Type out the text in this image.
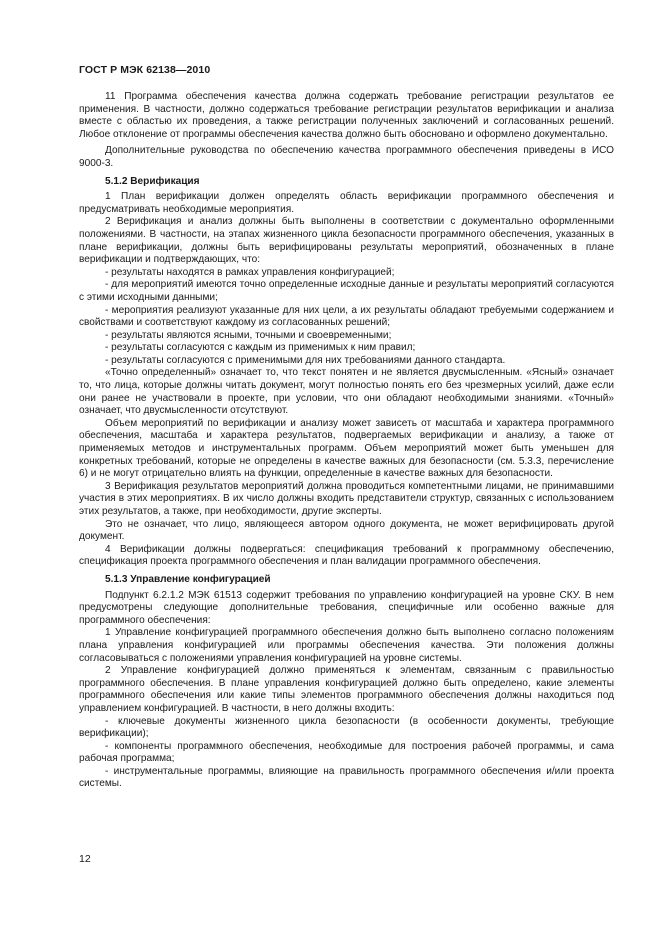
ГОСТ Р МЭК 62138—2010

11 Программа обеспечения качества должна содержать требование регистрации результатов ее применения. В частности, должно содержаться требование регистрации результатов верификации и анализа вместе с областью их проведения, а также регистрации полученных заключений и согласованных решений. Любое отклонение от программы обеспечения качества должно быть обосновано и оформлено документально.

Дополнительные руководства по обеспечению качества программного обеспечения приведены в ИСО 9000-3.

5.1.2 Верификация

1 План верификации должен определять область верификации программного обеспечения и предусматривать необходимые мероприятия.

2 Верификация и анализ должны быть выполнены в соответствии с документально оформленными положениями. В частности, на этапах жизненного цикла безопасности программного обеспечения, указанных в плане верификации, должны быть верифицированы результаты мероприятий, обозначенных в плане верификации и подтверждающих, что:

- результаты находятся в рамках управления конфигурацией;

- для мероприятий имеются точно определенные исходные данные и результаты мероприятий согласуются с этими исходными данными;

- мероприятия реализуют указанные для них цели, а их результаты обладают требуемыми содержанием и свойствами и соответствуют каждому из согласованных решений;

- результаты являются ясными, точными и своевременными;

- результаты согласуются с каждым из применимых к ним правил;

- результаты согласуются с применимыми для них требованиями данного стандарта.

«Точно определенный» означает то, что текст понятен и не является двусмысленным. «Ясный» означает то, что лица, которые должны читать документ, могут полностью понять его без чрезмерных усилий, даже если они ранее не участвовали в проекте, при условии, что они обладают необходимыми знаниями. «Точный» означает, что двусмысленности отсутствуют.

Объем мероприятий по верификации и анализу может зависеть от масштаба и характера программного обеспечения, масштаба и характера результатов, подвергаемых верификации и анализу, а также от применяемых методов и инструментальных программ. Объем мероприятий может быть уменьшен для конкретных требований, которые не определены в качестве важных для безопасности (см. 5.3.3, перечисление 6) и не могут отрицательно влиять на функции, определенные в качестве важных для безопасности.

3 Верификация результатов мероприятий должна проводиться компетентными лицами, не принимавшими участия в этих мероприятиях. В их число должны входить представители структур, связанных с использованием этих результатов, а также, при необходимости, другие эксперты.

Это не означает, что лицо, являющееся автором одного документа, не может верифицировать другой документ.

4 Верификации должны подвергаться: спецификация требований к программному обеспечению, спецификация проекта программного обеспечения и план валидации программного обеспечения.

5.1.3 Управление конфигурацией

Подпункт 6.2.1.2 МЭК 61513 содержит требования по управлению конфигурацией на уровне СКУ. В нем предусмотрены следующие дополнительные требования, специфичные или особенно важные для программного обеспечения:

1 Управление конфигурацией программного обеспечения должно быть выполнено согласно положениям плана управления конфигурацией или программы обеспечения качества. Эти положения должны согласовываться с положениями управления конфигурацией на уровне системы.

2 Управление конфигурацией должно применяться к элементам, связанным с правильностью программного обеспечения. В плане управления конфигурацией должно быть определено, какие элементы программного обеспечения или какие типы элементов программного обеспечения должны находиться под управлением конфигурацией. В частности, в него должны входить:

- ключевые документы жизненного цикла безопасности (в особенности документы, требующие верификации);

- компоненты программного обеспечения, необходимые для построения рабочей программы, и сама рабочая программа;

- инструментальные программы, влияющие на правильность программного обеспечения и/или проекта системы.

12
